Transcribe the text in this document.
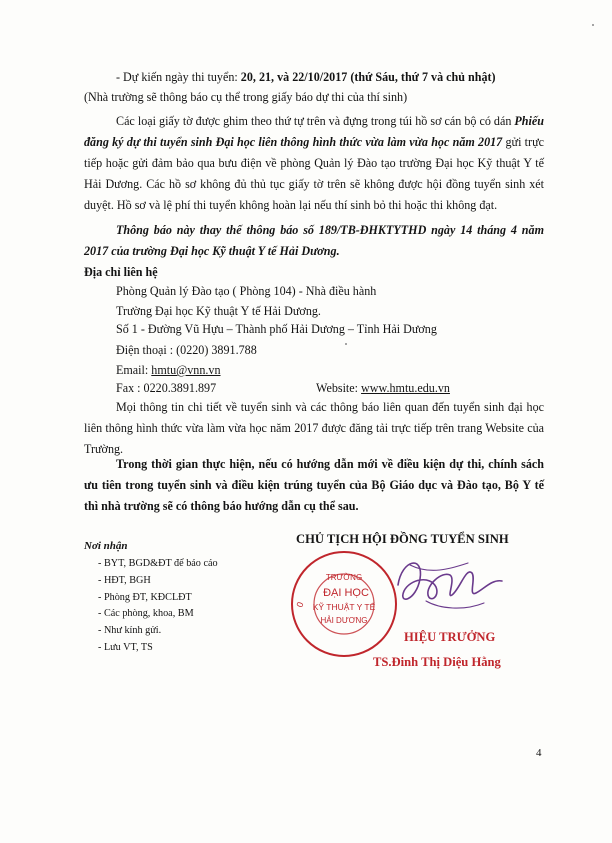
- Dự kiến ngày thi tuyển: 20, 21, và 22/10/2017 (thứ Sáu, thứ 7 và chủ nhật)
(Nhà trường sẽ thông báo cụ thể trong giấy báo dự thi của thí sinh)

Các loại giấy tờ được ghim theo thứ tự trên và đựng trong túi hồ sơ cán bộ có dán Phiếu đăng ký dự thi tuyển sinh Đại học liên thông hình thức vừa làm vừa học năm 2017 gửi trực tiếp hoặc gửi đảm bảo qua bưu điện về phòng Quản lý Đào tạo trường Đại học Kỹ thuật Y tế Hải Dương. Các hồ sơ không đủ thủ tục giấy tờ trên sẽ không được hội đồng tuyển sinh xét duyệt. Hồ sơ và lệ phí thi tuyển không hoàn lại nếu thí sinh bỏ thi hoặc thi không đạt.

Thông báo này thay thế thông báo số 189/TB-ĐHKTYTHD ngày 14 tháng 4 năm 2017 của trường Đại học Kỹ thuật Y tế Hải Dương.

Địa chỉ liên hệ
Phòng Quản lý Đào tạo ( Phòng 104) - Nhà điều hành
Trường Đại học Kỹ thuật Y tế Hải Dương.
Số 1 - Đường Vũ Hựu – Thành phố Hải Dương – Tỉnh Hải Dương
Điện thoại : (0220) 3891.788
Email: hmtu@vnn.vn
Fax : 0220.3891.897	Website: www.hmtu.edu.vn

Mọi thông tin chi tiết về tuyển sinh và các thông báo liên quan đến tuyển sinh đại học liên thông hình thức vừa làm vừa học năm 2017 được đăng tải trực tiếp trên trang Website của Trường.

Trong thời gian thực hiện, nếu có hướng dẫn mới về điều kiện dự thi, chính sách ưu tiên trong tuyển sinh và điều kiện trúng tuyển của Bộ Giáo dục và Đào tạo, Bộ Y tế thì nhà trường sẽ có thông báo hướng dẫn cụ thể sau.

Nơi nhận
- BYT, BGD&ĐT để báo cáo
- HĐT, BGH
- Phòng ĐT, KĐCLĐT
- Các phòng, khoa, BM
- Như kính gửi.
- Lưu VT, TS
CHỦ TỊCH HỘI ĐỒNG TUYỂN SINH
TRƯỜNG
ĐẠI HỌC
KỸ THUẬT Y TẾ
HẢI DƯƠNG
0
HIỆU TRƯỞNG
TS.Đinh Thị Diệu Hằng
4
